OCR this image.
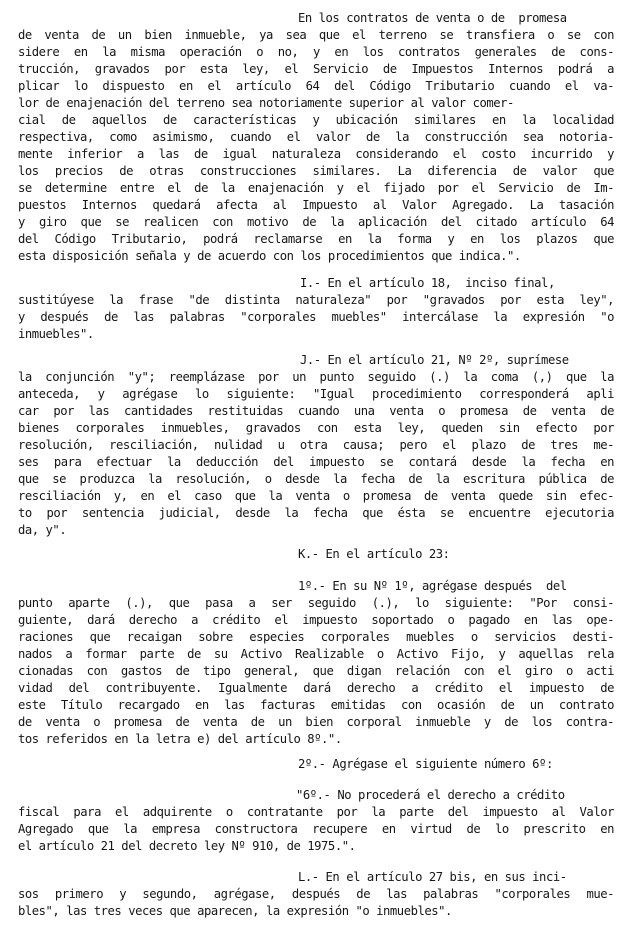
En los contratos de venta o de  promesa
de venta de un bien inmueble, ya sea que el terreno se transfiera o se con
sidere en la misma operación o no, y en los contratos generales de cons-
trucción, gravados por esta ley, el Servicio de Impuestos Internos podrá a
plicar lo dispuesto en el artículo 64 del Código Tributario cuando el va-
lor de enajenación del terreno sea notoriamente superior al valor comer-
cial de aquellos de características y ubicación similares en la localidad
respectiva, como asimismo, cuando el valor de la construcción sea notoria-
mente inferior a las de igual naturaleza considerando el costo incurrido y
los precios de otras construcciones similares. La diferencia de valor que
se determine entre el de la enajenación y el fijado por el Servicio de Im-
puestos Internos quedará afecta al Impuesto al Valor Agregado. La tasación
y giro que se realicen con motivo de la aplicación del citado artículo 64
del Código Tributario, podrá reclamarse en la forma y en los plazos que
esta disposición señala y de acuerdo con los procedimientos que indica.".
I.- En el artículo 18,  inciso final,
sustitúyese la frase "de distinta naturaleza" por "gravados por esta ley",
y después de las palabras "corporales muebles" intercálase la expresión "o
inmuebles".
J.- En el artículo 21, Nº 2º, suprímese
la conjunción "y"; reemplázase por un punto seguido (.) la coma (,) que la
anteceda, y agrégase lo siguiente: "Igual procedimiento corresponderá apli
car por las cantidades restituidas cuando una venta o promesa de venta de
bienes corporales inmuebles, gravados con esta ley, queden sin efecto por
resolución, resciliación, nulidad u otra causa; pero el plazo de tres me-
ses para efectuar la deducción del impuesto se contará desde la fecha en
que se produzca la resolución, o desde la fecha de la escritura pública de
resciliación y, en el caso que la venta o promesa de venta quede sin efec-
to por sentencia judicial, desde la fecha que ésta se encuentre ejecutoria
da, y".
K.- En el artículo 23:
1º.- En su Nº 1º, agrégase después  del
punto aparte (.), que pasa a ser seguido (.), lo siguiente: "Por consi-
guiente, dará derecho a crédito el impuesto soportado o pagado en las ope-
raciones que recaigan sobre especies corporales muebles o servicios desti-
nados a formar parte de su Activo Realizable o Activo Fijo, y aquellas rela
cionadas con gastos de tipo general, que digan relación con el giro o acti
vidad del contribuyente. Igualmente dará derecho a crédito el impuesto de
este Título recargado en las facturas emitidas con ocasión de un contrato
de venta o promesa de venta de un bien corporal inmueble y de los contra-
tos referidos en la letra e) del artículo 8º.".
2º.- Agrégase el siguiente número 6º:
"6º.- No procederá el derecho a crédito
fiscal para el adquirente o contratante por la parte del impuesto al Valor
Agregado que la empresa constructora recupere en virtud de lo prescrito en
el artículo 21 del decreto ley Nº 910, de 1975.".
L.- En el artículo 27 bis, en sus inci-
sos primero y segundo, agrégase, después de las palabras "corporales mue-
bles", las tres veces que aparecen, la expresión "o inmuebles".
